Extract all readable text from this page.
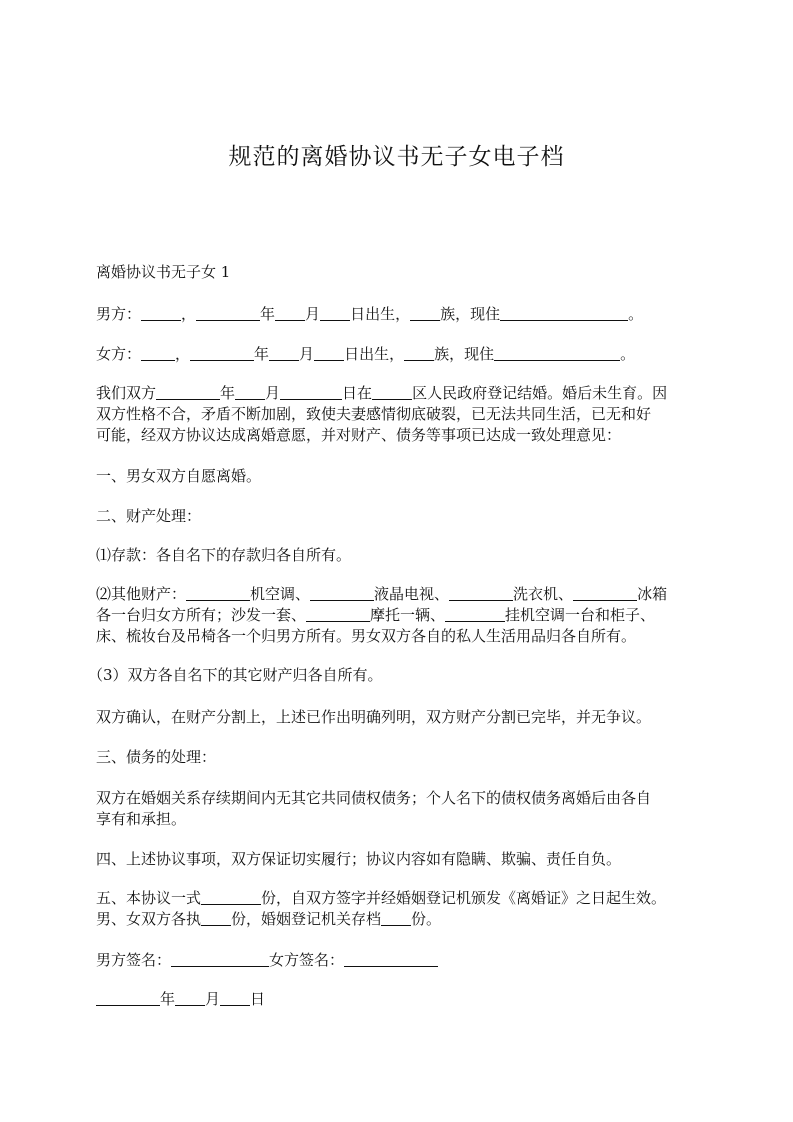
规范的离婚协议书无子女电子档

离婚协议书无子女 1

男方：	，	年 月 日出生， 族，现住	。

女方： ，	年 月 日出生， 族，现住	。

我们双方	年 月	日在	区人民政府登记结婚。婚后未生育。因

双方性格不合，矛盾不断加剧，致使夫妻感情彻底破裂，已无法共同生活，已无和好

可能，经双方协议达成离婚意愿，并对财产、债务等事项已达成一致处理意见：

一、男女双方自愿离婚。

二、财产处理：

⑴存款：各自名下的存款归各自所有。

⑵其他财产：	机空调、	液晶电视、	洗衣机、	冰箱

各一台归女方所有；沙发一套、	摩托一辆、	挂机空调一台和柜子、

床、梳妆台及吊椅各一个归男方所有。男女双方各自的私人生活用品归各自所有。

（3）双方各自名下的其它财产归各自所有。

双方确认，在财产分割上，上述已作出明确列明，双方财产分割已完毕，并无争议。

三、债务的处理：

双方在婚姻关系存续期间内无其它共同债权债务；个人名下的债权债务离婚后由各自

享有和承担。

四、上述协议事项，双方保证切实履行；协议内容如有隐瞒、欺骗、责任自负。

五、本协议一式	份，自双方签字并经婚姻登记机颁发《离婚证》之日起生效。

男、女双方各执 份，婚姻登记机关存档 份。

男方签名：	女方签名：

年 月 日
